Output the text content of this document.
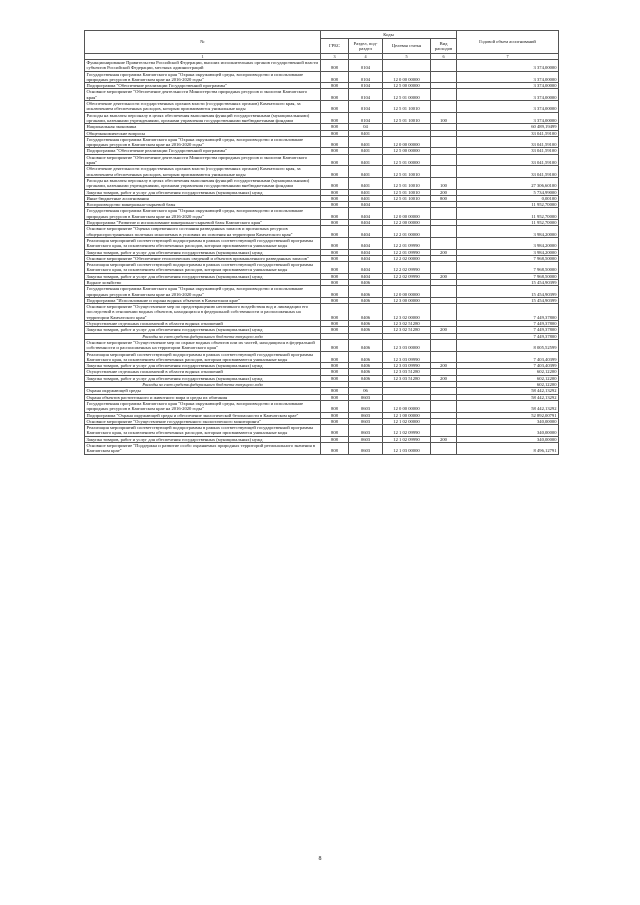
№	Коды				Годовой объем ассигнований
	ГРБС	Раздел, под- раздел	Целевая статья	Вид расходов	
1	3	4	5	6	7
Функционирование Правительства Российской Федерации, высших исполнительных органов государственной власти субъектов Российской Федерации, местных администраций	808	0104			3 374,00000
Государственная программа Камчатского края "Охрана окружающей среды, воспроизводство и использование природных ресурсов в Камчатском крае на 2016-2020 годы"	808	0104	12 0 00 00000		3 374,00000
Подпрограмма "Обеспечение реализации Государственной программы"	808	0104	12 5 00 00000		3 374,00000
Основное мероприятие "Обеспечение деятельности Министерства природных ресурсов и экологии Камчатского края"	808	0104	12 5 01 00000		3 374,00000
Обеспечение деятельности государственных органов власти (государственных органов) Камчатского края, за исключением обеспеченных расходов, которым присваиваются уникальные коды	808	0104	12 5 01 10010		3 374,00000
Расходы на выплаты персоналу в целях обеспечения выполнения функций государственными (муниципальными) органами, казенными учреждениями, органами управления государственными внебюджетными фондами	808	0104	12 5 01 10010	100	3 374,00000
Национальная экономика	808	04			60 489,19499
Общеэкономические вопросы	808	0401			33 041,59100
Государственная программа Камчатского края "Охрана окружающей среды, воспроизводство и использование природных ресурсов в Камчатском крае на 2016-2020 годы"	808	0401	12 0 00 00000		33 041,59100
Подпрограмма "Обеспечение реализации Государственной программы"	808	0401	12 5 00 00000		33 041,59100
Основное мероприятие "Обеспечение деятельности Министерства природных ресурсов и экологии Камчатского края"	808	0401	12 5 01 00000		33 041,59100
Обеспечение деятельности государственных органов власти (государственных органов) Камчатского края, за исключением обеспеченных расходов, которым присваиваются уникальные коды	808	0401	12 5 01 10010		33 041,59100
Расходы на выплаты персоналу в целях обеспечения выполнения функций государственными (муниципальными) органами, казенными учреждениями, органами управления государственными внебюджетными фондами	808	0401	12 5 01 10010	100	27 306,60100
Закупка товаров, работ и услуг для обеспечения государственных (муниципальных) нужд	808	0401	12 5 01 10010	200	5 734,99000
Иные бюджетные ассигнования	808	0401	12 5 01 10010	800	0,00100
Воспроизводство минерально-сырьевой базы	808	0404			11 952,70000
Государственная программа Камчатского края "Охрана окружающей среды, воспроизводство и использование природных ресурсов в Камчатском крае на 2016-2020 годы"	808	0404	12 0 00 00000		11 952,70000
Подпрограмма "Развитие и использование минерально-сырьевой базы Камчатского края"	808	0404	12 2 00 00000		11 952,70000
Основное мероприятие "Оценка современного состояния разведанных запасов и прогнозных ресурсов общераспространенных полезных ископаемых в условиях их освоения на территории Камчатского края"	808	0404	12 2 01 00000		3 984,20000
Реализация мероприятий соответствующей подпрограммы в рамках соответствующей государственной программы Камчатского края, за исключением обеспеченных расходов, которым присваиваются уникальные коды	808	0404	12 2 01 09990		3 984,20000
Закупка товаров, работ и услуг для обеспечения государственных (муниципальных) нужд	808	0404	12 2 01 09990	200	3 984,20000
Основное мероприятие "Обеспечение геологических сведений и объектов промышленного разведанных запасов"	808	0404	12 2 02 00000		7 968,50000
Реализация мероприятий соответствующей подпрограммы в рамках соответствующей государственной программы Камчатского края, за исключением обеспеченных расходов, которым присваиваются уникальные коды	808	0404	12 2 02 09990		7 968,50000
Закупка товаров, работ и услуг для обеспечения государственных (муниципальных) нужд	808	0404	12 2 02 09990	200	7 968,50000
Водное хозяйство	808	0406			15 454,90399
Государственная программа Камчатского края "Охрана окружающей среды, воспроизводство и использование природных ресурсов в Камчатском крае на 2016-2020 годы"	808	0406	12 0 00 00000		15 454,90399
Подпрограмма "Использование и охрана водных объектов в Камчатском крае"	808	0406	12 3 00 00000		15 454,90399
Основное мероприятие "Осуществление мер по предотвращению негативного воздействия вод и ликвидации его последствий в отношении водных объектов, находящихся в федеральной собственности и расположенных на территории Камчатского края"	808	0406	12 3 02 00000		7 449,37800
Осуществление отдельных полномочий в области водных отношений	808	0406	12 3 02 51280		7 449,37800
Закупка товаров, работ и услуг для обеспечения государственных (муниципальных) нужд	808	0406	12 3 02 51280	200	7 449,37800
Расходы за счет средств федерального бюджета текущего года					7 449,37800
Основное мероприятие "Осуществление мер по охране водных объектов или их частей, находящихся в федеральной собственности и расположенных на территории Камчатского края"	808	0406	12 3 03 00000		8 005,52599
Реализация мероприятий соответствующей подпрограммы в рамках соответствующей государственной программы Камчатского края, за исключением обеспеченных расходов, которым присваиваются уникальные коды	808	0406	12 3 03 09990		7 403,40399
Закупка товаров, работ и услуг для обеспечения государственных (муниципальных) нужд	808	0406	12 3 03 09990	200	7 403,40399
Осуществление отдельных полномочий в области водных отношений	808	0406	12 3 03 51280		602,12200
Закупка товаров, работ и услуг для обеспечения государственных (муниципальных) нужд	808	0406	12 3 03 51280	200	602,12200
Расходы за счет средств федерального бюджета текущего года					602,12200
Охрана окружающей среды	808	06			58 442,13292
Охрана объектов растительного и животного мира и среды их обитания	808	0603			58 442,13292
Государственная программа Камчатского края "Охрана окружающей среды, воспроизводство и использование природных ресурсов в Камчатском крае на 2016-2020 годы"	808	0603	12 0 00 00000		58 442,13292
Подпрограмма "Охрана окружающей среды и обеспечение экологической безопасности в Камчатском крае"	808	0603	12 1 00 00000		52 892,00791
Основное мероприятие "Осуществление государственного экологического мониторинга"	808	0603	12 1 02 00000		340,00000
Реализация мероприятий соответствующей подпрограммы в рамках соответствующей государственной программы Камчатского края, за исключением обеспеченных расходов, которым присваиваются уникальные коды	808	0603	12 1 02 09990		340,00000
Закупка товаров, работ и услуг для обеспечения государственных (муниципальных) нужд	808	0603	12 1 02 09990	200	340,00000
Основное мероприятие "Поддержка и развитие особо охраняемых природных территорий регионального значения в Камчатском крае"	808	0603	12 1 03 00000		8 496,12791
8
